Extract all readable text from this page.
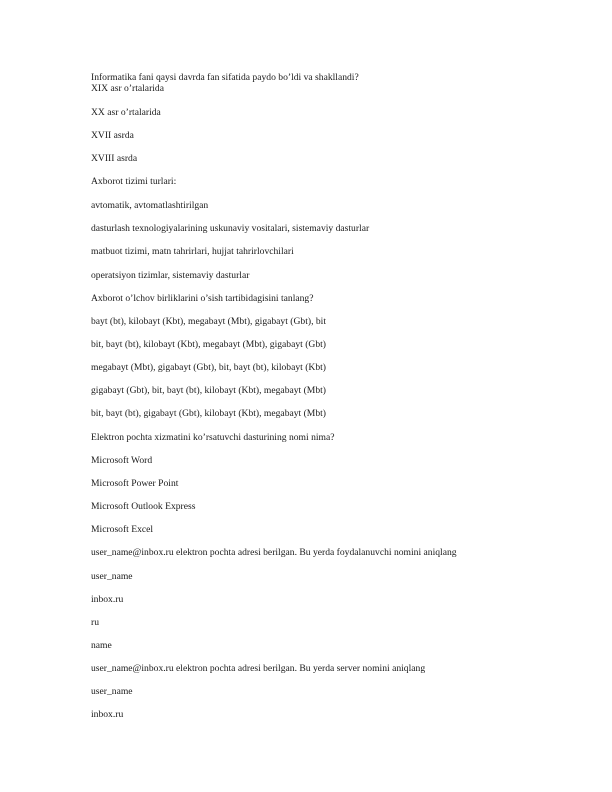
Informatika fani qaysi davrda fan sifatida paydo bo’ldi va shakllandi?
XIX asr o’rtalarida
XX asr o’rtalarida
XVII asrda
XVIII asrda
Axborot tizimi turlari:
avtomatik, avtomatlashtirilgan
dasturlash texnologiyalarining uskunaviy vositalari, sistemaviy dasturlar
matbuot tizimi, matn tahrirlari, hujjat tahrirlovchilari
operatsiyon tizimlar, sistemaviy dasturlar
Axborot o’lchov birliklarini o’sish tartibidagisini tanlang?
bayt (bt), kilobayt (Kbt), megabayt (Mbt), gigabayt (Gbt), bit
bit, bayt (bt), kilobayt (Kbt), megabayt (Mbt), gigabayt (Gbt)
megabayt (Mbt), gigabayt (Gbt), bit, bayt (bt), kilobayt (Kbt)
gigabayt (Gbt), bit, bayt (bt), kilobayt (Kbt), megabayt (Mbt)
bit, bayt (bt), gigabayt (Gbt), kilobayt (Kbt), megabayt (Mbt)
Elektron pochta xizmatini ko’rsatuvchi dasturining nomi nima?
Microsoft Word
Microsoft Power Point
Microsoft Outlook Express
Microsoft Excel
user_name@inbox.ru elektron pochta adresi berilgan. Bu yerda foydalanuvchi nomini aniqlang
user_name
inbox.ru
ru
name
user_name@inbox.ru elektron pochta adresi berilgan. Bu yerda server nomini aniqlang
user_name
inbox.ru
